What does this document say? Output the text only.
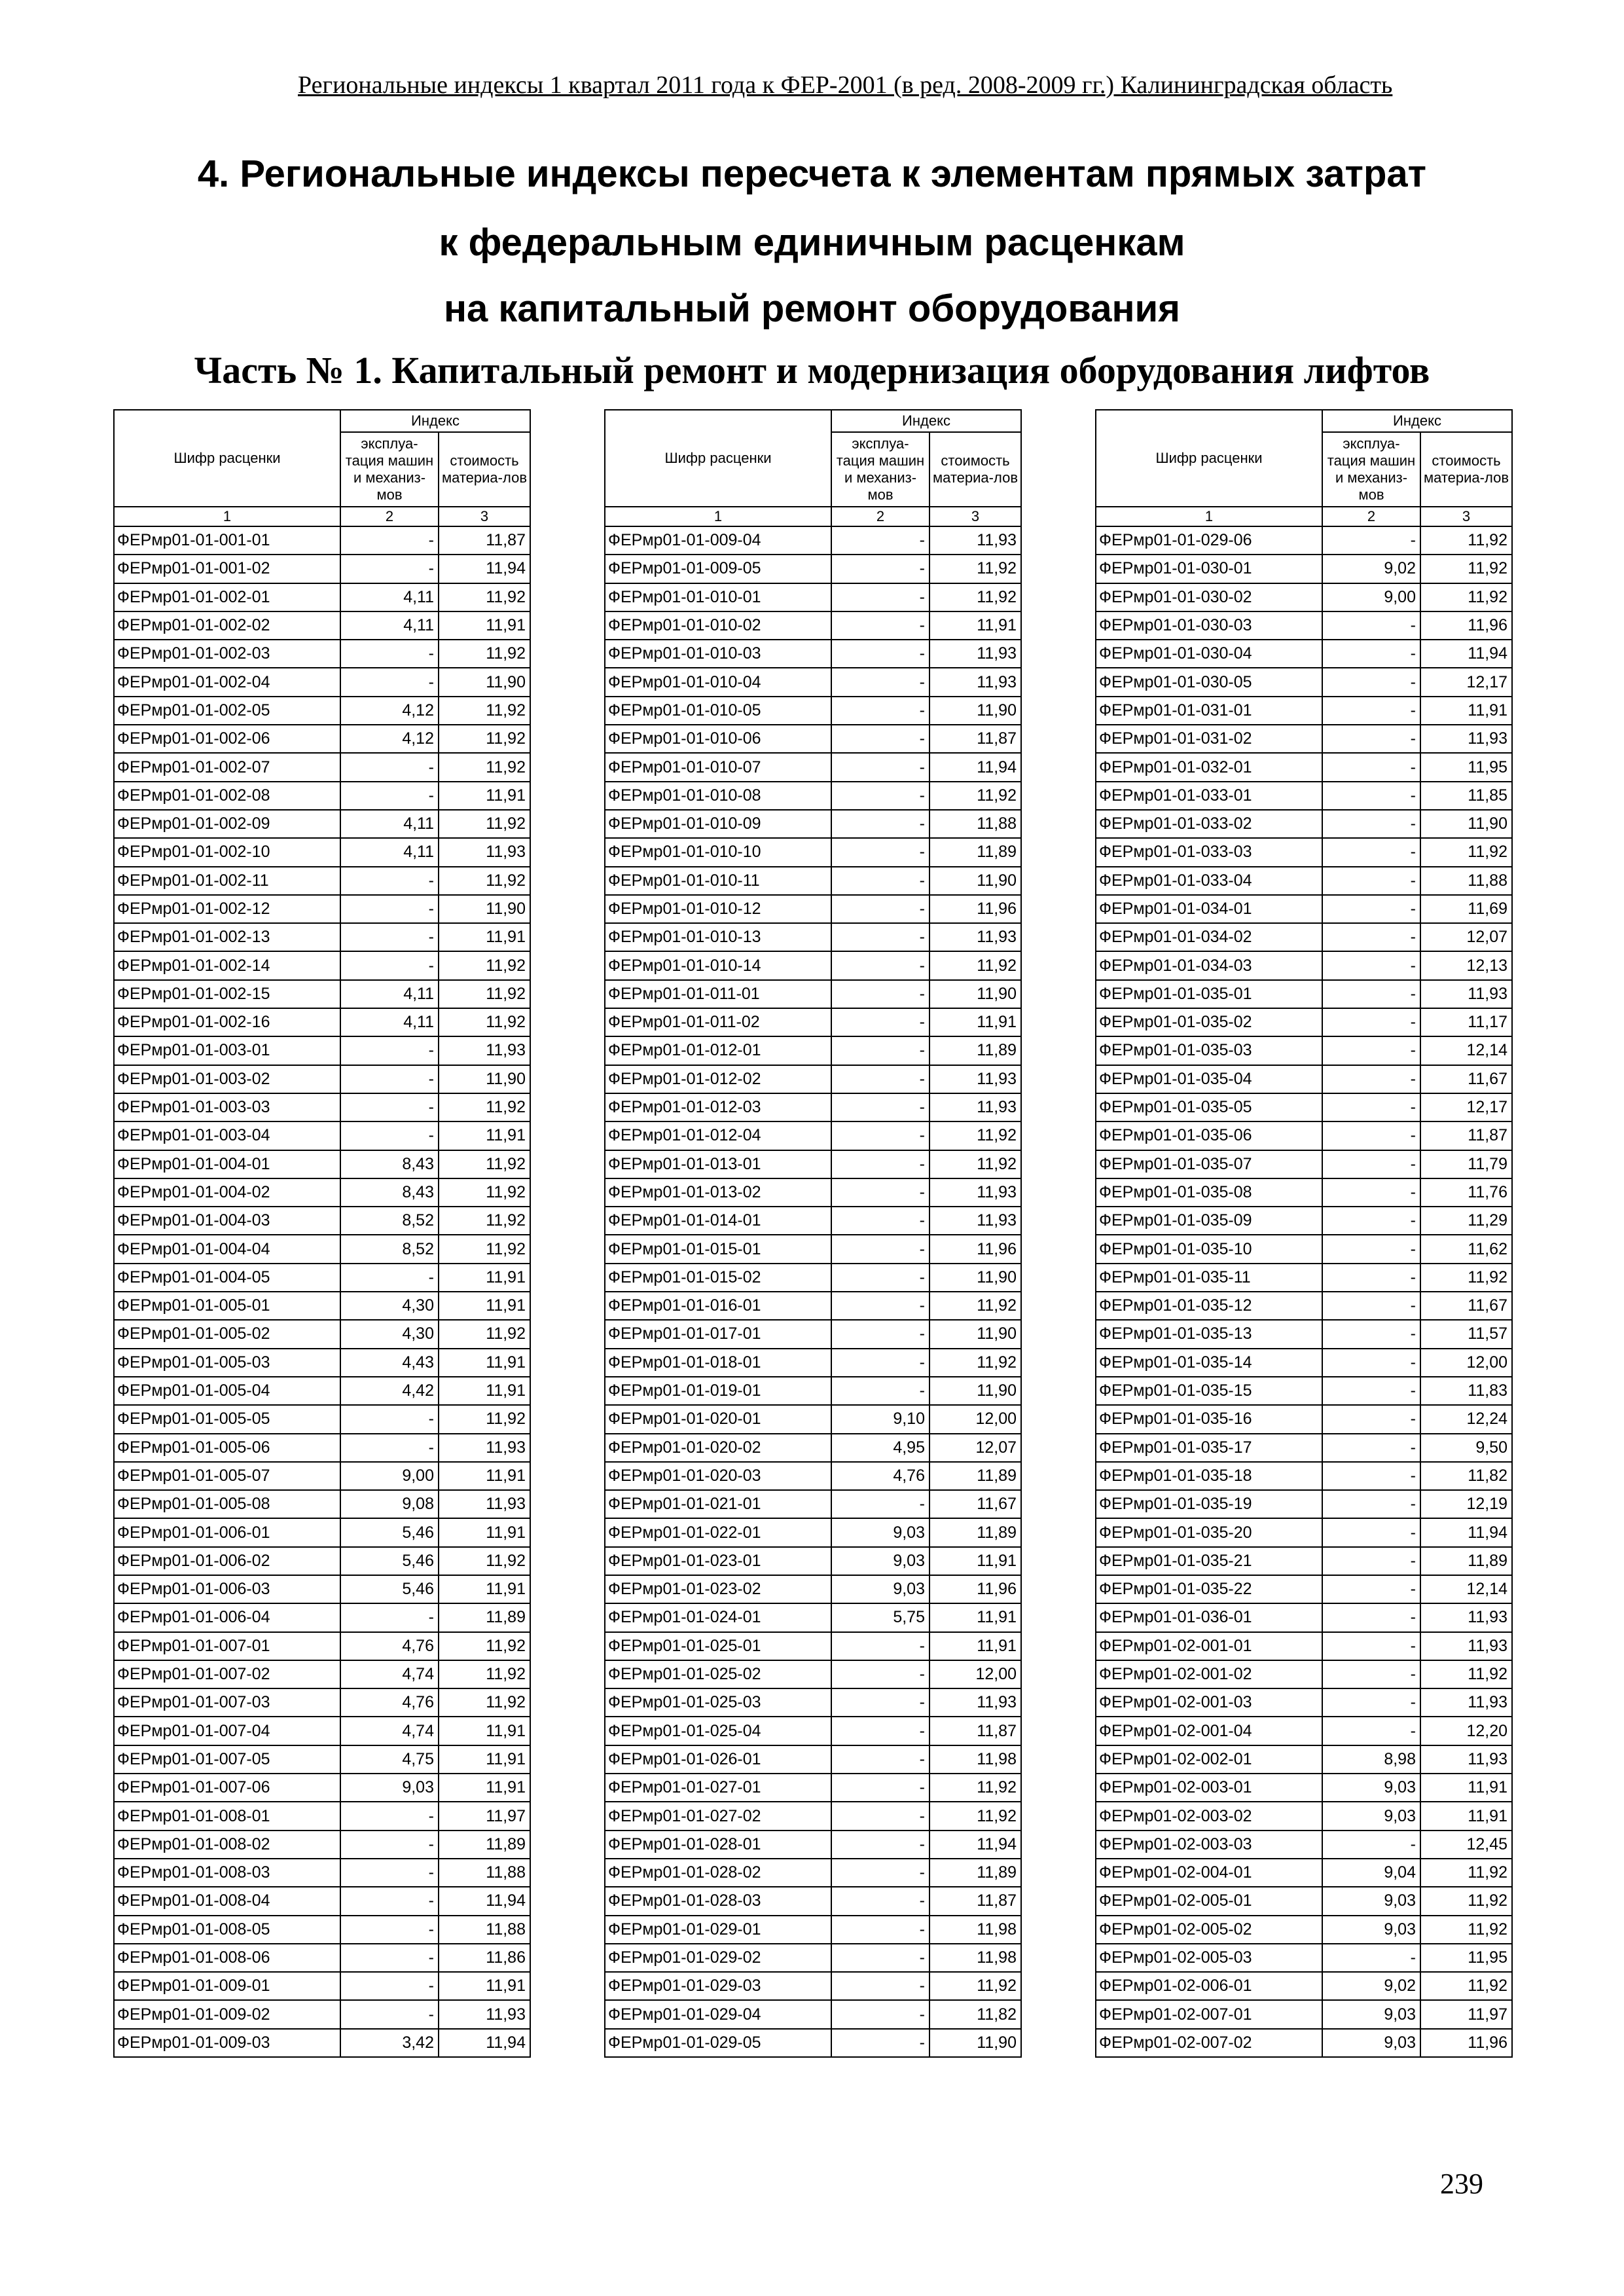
Региональные индексы 1 квартал 2011 года к ФЕР-2001 (в ред. 2008-2009 гг.) Калининградская область
4. Региональные индексы пересчета к элементам прямых затрат
к федеральным единичным расценкам
на капитальный ремонт оборудования
Часть № 1. Капитальный ремонт и модернизация оборудования лифтов
Шифр расценки	Индекс	
	эксплуа-тация машин и механиз-мов	стоимость материа-лов
1	2	3
ФЕРмр01-01-001-01	-	11,87
ФЕРмр01-01-001-02	-	11,94
ФЕРмр01-01-002-01	4,11	11,92
ФЕРмр01-01-002-02	4,11	11,91
ФЕРмр01-01-002-03	-	11,92
ФЕРмр01-01-002-04	-	11,90
ФЕРмр01-01-002-05	4,12	11,92
ФЕРмр01-01-002-06	4,12	11,92
ФЕРмр01-01-002-07	-	11,92
ФЕРмр01-01-002-08	-	11,91
ФЕРмр01-01-002-09	4,11	11,92
ФЕРмр01-01-002-10	4,11	11,93
ФЕРмр01-01-002-11	-	11,92
ФЕРмр01-01-002-12	-	11,90
ФЕРмр01-01-002-13	-	11,91
ФЕРмр01-01-002-14	-	11,92
ФЕРмр01-01-002-15	4,11	11,92
ФЕРмр01-01-002-16	4,11	11,92
ФЕРмр01-01-003-01	-	11,93
ФЕРмр01-01-003-02	-	11,90
ФЕРмр01-01-003-03	-	11,92
ФЕРмр01-01-003-04	-	11,91
ФЕРмр01-01-004-01	8,43	11,92
ФЕРмр01-01-004-02	8,43	11,92
ФЕРмр01-01-004-03	8,52	11,92
ФЕРмр01-01-004-04	8,52	11,92
ФЕРмр01-01-004-05	-	11,91
ФЕРмр01-01-005-01	4,30	11,91
ФЕРмр01-01-005-02	4,30	11,92
ФЕРмр01-01-005-03	4,43	11,91
ФЕРмр01-01-005-04	4,42	11,91
ФЕРмр01-01-005-05	-	11,92
ФЕРмр01-01-005-06	-	11,93
ФЕРмр01-01-005-07	9,00	11,91
ФЕРмр01-01-005-08	9,08	11,93
ФЕРмр01-01-006-01	5,46	11,91
ФЕРмр01-01-006-02	5,46	11,92
ФЕРмр01-01-006-03	5,46	11,91
ФЕРмр01-01-006-04	-	11,89
ФЕРмр01-01-007-01	4,76	11,92
ФЕРмр01-01-007-02	4,74	11,92
ФЕРмр01-01-007-03	4,76	11,92
ФЕРмр01-01-007-04	4,74	11,91
ФЕРмр01-01-007-05	4,75	11,91
ФЕРмр01-01-007-06	9,03	11,91
ФЕРмр01-01-008-01	-	11,97
ФЕРмр01-01-008-02	-	11,89
ФЕРмр01-01-008-03	-	11,88
ФЕРмр01-01-008-04	-	11,94
ФЕРмр01-01-008-05	-	11,88
ФЕРмр01-01-008-06	-	11,86
ФЕРмр01-01-009-01	-	11,91
ФЕРмр01-01-009-02	-	11,93
ФЕРмр01-01-009-03	3,42	11,94
Шифр расценки	Индекс	
	эксплуа-тация машин и механиз-мов	стоимость материа-лов
1	2	3
ФЕРмр01-01-009-04	-	11,93
ФЕРмр01-01-009-05	-	11,92
ФЕРмр01-01-010-01	-	11,92
ФЕРмр01-01-010-02	-	11,91
ФЕРмр01-01-010-03	-	11,93
ФЕРмр01-01-010-04	-	11,93
ФЕРмр01-01-010-05	-	11,90
ФЕРмр01-01-010-06	-	11,87
ФЕРмр01-01-010-07	-	11,94
ФЕРмр01-01-010-08	-	11,92
ФЕРмр01-01-010-09	-	11,88
ФЕРмр01-01-010-10	-	11,89
ФЕРмр01-01-010-11	-	11,90
ФЕРмр01-01-010-12	-	11,96
ФЕРмр01-01-010-13	-	11,93
ФЕРмр01-01-010-14	-	11,92
ФЕРмр01-01-011-01	-	11,90
ФЕРмр01-01-011-02	-	11,91
ФЕРмр01-01-012-01	-	11,89
ФЕРмр01-01-012-02	-	11,93
ФЕРмр01-01-012-03	-	11,93
ФЕРмр01-01-012-04	-	11,92
ФЕРмр01-01-013-01	-	11,92
ФЕРмр01-01-013-02	-	11,93
ФЕРмр01-01-014-01	-	11,93
ФЕРмр01-01-015-01	-	11,96
ФЕРмр01-01-015-02	-	11,90
ФЕРмр01-01-016-01	-	11,92
ФЕРмр01-01-017-01	-	11,90
ФЕРмр01-01-018-01	-	11,92
ФЕРмр01-01-019-01	-	11,90
ФЕРмр01-01-020-01	9,10	12,00
ФЕРмр01-01-020-02	4,95	12,07
ФЕРмр01-01-020-03	4,76	11,89
ФЕРмр01-01-021-01	-	11,67
ФЕРмр01-01-022-01	9,03	11,89
ФЕРмр01-01-023-01	9,03	11,91
ФЕРмр01-01-023-02	9,03	11,96
ФЕРмр01-01-024-01	5,75	11,91
ФЕРмр01-01-025-01	-	11,91
ФЕРмр01-01-025-02	-	12,00
ФЕРмр01-01-025-03	-	11,93
ФЕРмр01-01-025-04	-	11,87
ФЕРмр01-01-026-01	-	11,98
ФЕРмр01-01-027-01	-	11,92
ФЕРмр01-01-027-02	-	11,92
ФЕРмр01-01-028-01	-	11,94
ФЕРмр01-01-028-02	-	11,89
ФЕРмр01-01-028-03	-	11,87
ФЕРмр01-01-029-01	-	11,98
ФЕРмр01-01-029-02	-	11,98
ФЕРмр01-01-029-03	-	11,92
ФЕРмр01-01-029-04	-	11,82
ФЕРмр01-01-029-05	-	11,90
Шифр расценки	Индекс	
	эксплуа-тация машин и механиз-мов	стоимость материа-лов
1	2	3
ФЕРмр01-01-029-06	-	11,92
ФЕРмр01-01-030-01	9,02	11,92
ФЕРмр01-01-030-02	9,00	11,92
ФЕРмр01-01-030-03	-	11,96
ФЕРмр01-01-030-04	-	11,94
ФЕРмр01-01-030-05	-	12,17
ФЕРмр01-01-031-01	-	11,91
ФЕРмр01-01-031-02	-	11,93
ФЕРмр01-01-032-01	-	11,95
ФЕРмр01-01-033-01	-	11,85
ФЕРмр01-01-033-02	-	11,90
ФЕРмр01-01-033-03	-	11,92
ФЕРмр01-01-033-04	-	11,88
ФЕРмр01-01-034-01	-	11,69
ФЕРмр01-01-034-02	-	12,07
ФЕРмр01-01-034-03	-	12,13
ФЕРмр01-01-035-01	-	11,93
ФЕРмр01-01-035-02	-	11,17
ФЕРмр01-01-035-03	-	12,14
ФЕРмр01-01-035-04	-	11,67
ФЕРмр01-01-035-05	-	12,17
ФЕРмр01-01-035-06	-	11,87
ФЕРмр01-01-035-07	-	11,79
ФЕРмр01-01-035-08	-	11,76
ФЕРмр01-01-035-09	-	11,29
ФЕРмр01-01-035-10	-	11,62
ФЕРмр01-01-035-11	-	11,92
ФЕРмр01-01-035-12	-	11,67
ФЕРмр01-01-035-13	-	11,57
ФЕРмр01-01-035-14	-	12,00
ФЕРмр01-01-035-15	-	11,83
ФЕРмр01-01-035-16	-	12,24
ФЕРмр01-01-035-17	-	9,50
ФЕРмр01-01-035-18	-	11,82
ФЕРмр01-01-035-19	-	12,19
ФЕРмр01-01-035-20	-	11,94
ФЕРмр01-01-035-21	-	11,89
ФЕРмр01-01-035-22	-	12,14
ФЕРмр01-01-036-01	-	11,93
ФЕРмр01-02-001-01	-	11,93
ФЕРмр01-02-001-02	-	11,92
ФЕРмр01-02-001-03	-	11,93
ФЕРмр01-02-001-04	-	12,20
ФЕРмр01-02-002-01	8,98	11,93
ФЕРмр01-02-003-01	9,03	11,91
ФЕРмр01-02-003-02	9,03	11,91
ФЕРмр01-02-003-03	-	12,45
ФЕРмр01-02-004-01	9,04	11,92
ФЕРмр01-02-005-01	9,03	11,92
ФЕРмр01-02-005-02	9,03	11,92
ФЕРмр01-02-005-03	-	11,95
ФЕРмр01-02-006-01	9,02	11,92
ФЕРмр01-02-007-01	9,03	11,97
ФЕРмр01-02-007-02	9,03	11,96
239
